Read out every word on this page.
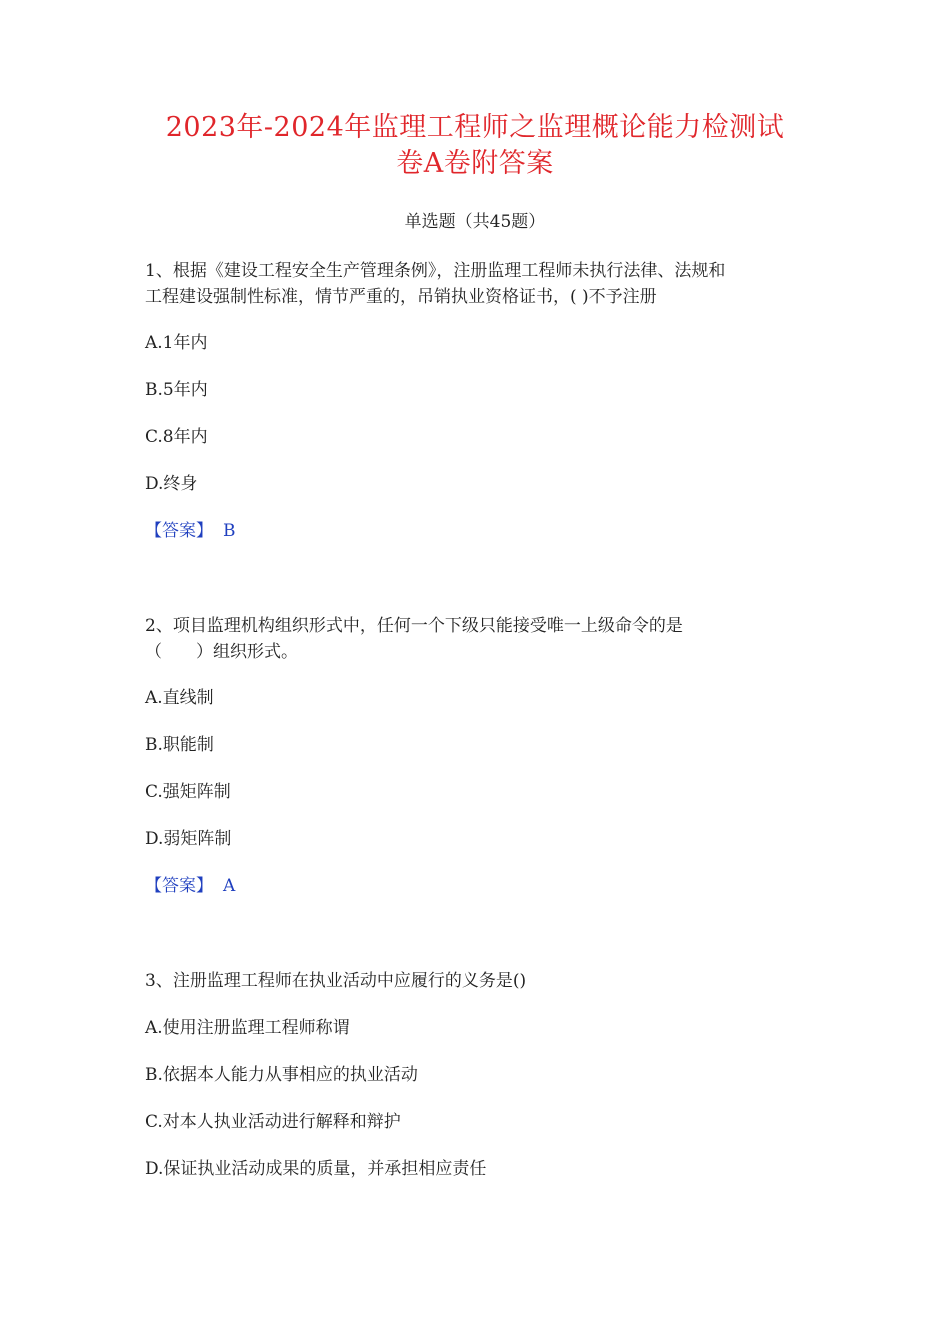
2023年-2024年监理工程师之监理概论能力检测试
卷A卷附答案
单选题（共45题）
1、根据《建设工程安全生产管理条例》，注册监理工程师未执行法律、法规和
工程建设强制性标准，情节严重的，吊销执业资格证书，( )不予注册
A.1年内
B.5年内
C.8年内
D.终身
【答案】 B
2、项目监理机构组织形式中，任何一个下级只能接受唯一上级命令的是
（　　）组织形式。
A.直线制
B.职能制
C.强矩阵制
D.弱矩阵制
【答案】 A
3、注册监理工程师在执业活动中应履行的义务是()
A.使用注册监理工程师称谓
B.依据本人能力从事相应的执业活动
C.对本人执业活动进行解释和辩护
D.保证执业活动成果的质量，并承担相应责任
